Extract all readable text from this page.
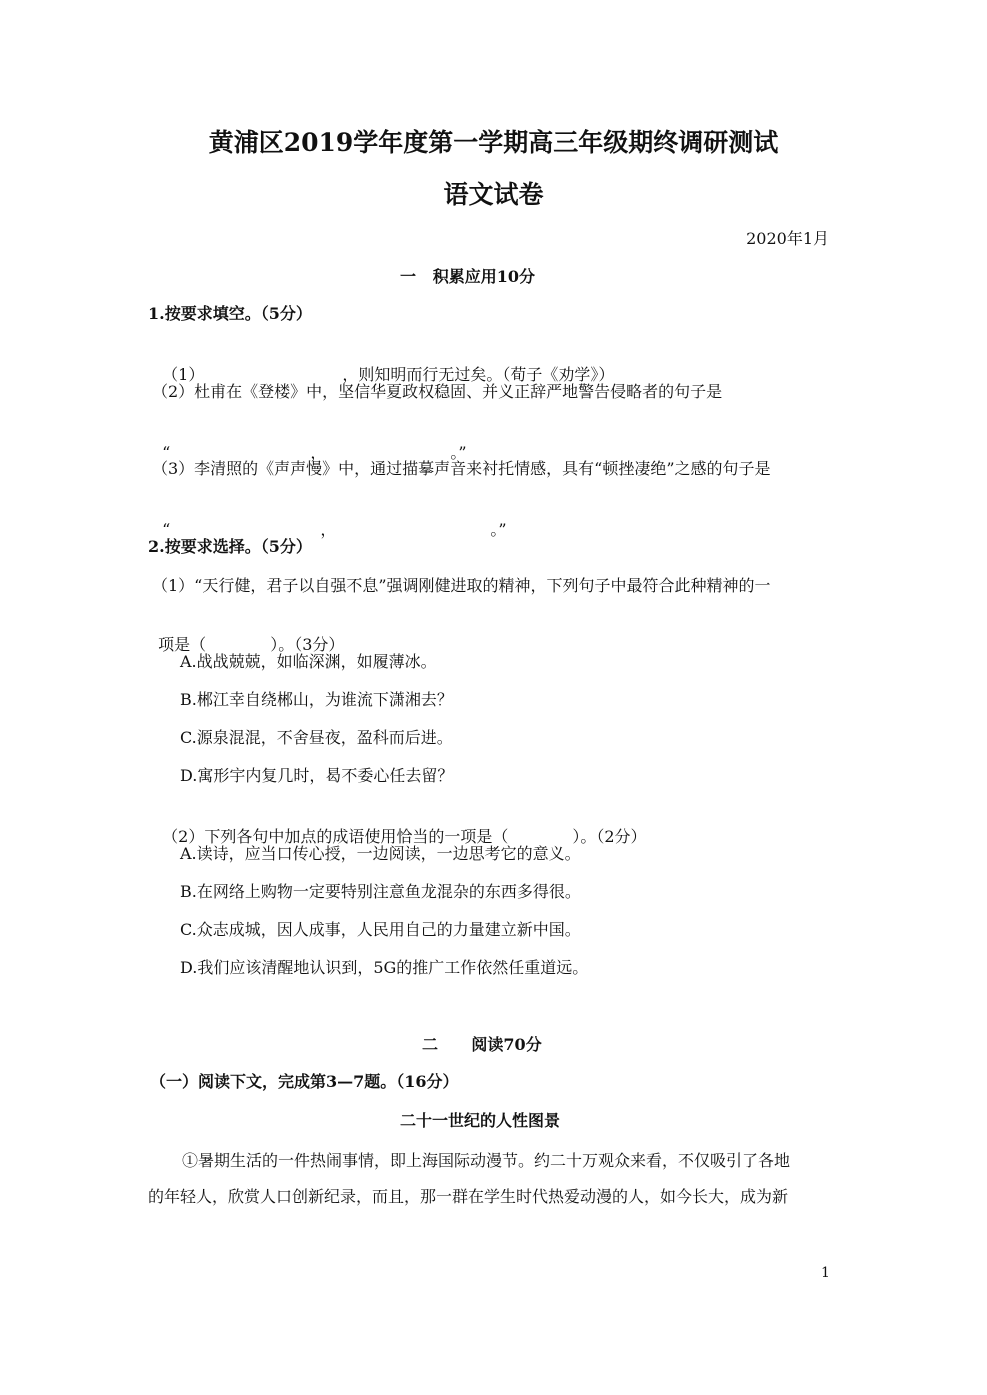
黄浦区2019学年度第一学期高三年级期终调研测试
语文试卷
2020年1月
一   积累应用10分
1.按要求填空。（5分）

（1）	，则知明而行无过矣。（荀子《劝学》）

（2）杜甫在《登楼》中，坚信华夏政权稳固、并义正辞严地警告侵略者的句子是

“	，	。”

（3）李清照的《声声慢》中，通过描摹声音来衬托情感，具有“顿挫凄绝”之感的句子是

“	，	。”

2.按要求选择。（5分）
（1）“天行健，君子以自强不息”强调刚健进取的精神，下列句子中最符合此种精神的一

项是（	）。（3分）

A.战战兢兢，如临深渊，如履薄冰。
B.郴江幸自绕郴山，为谁流下潇湘去？
C.源泉混混，不舍昼夜，盈科而后进。
D.寓形宇内复几时，曷不委心任去留？

（2）下列各句中加点的成语使用恰当的一项是（	）。（2分）

A.读诗，应当口传心授，一边阅读，一边思考它的意义。
B.在网络上购物一定要特别注意鱼龙混杂的东西多得很。
C.众志成城，因人成事，人民用自己的力量建立新中国。
D.我们应该清醒地认识到，5G的推广工作依然任重道远。
二      阅读70分
（一）阅读下文，完成第3—7题。（16分）
二十一世纪的人性图景
①暑期生活的一件热闹事情，即上海国际动漫节。约二十万观众来看，不仅吸引了各地
的年轻人，欣赏人口创新纪录，而且，那一群在学生时代热爱动漫的人，如今长大，成为新
1
